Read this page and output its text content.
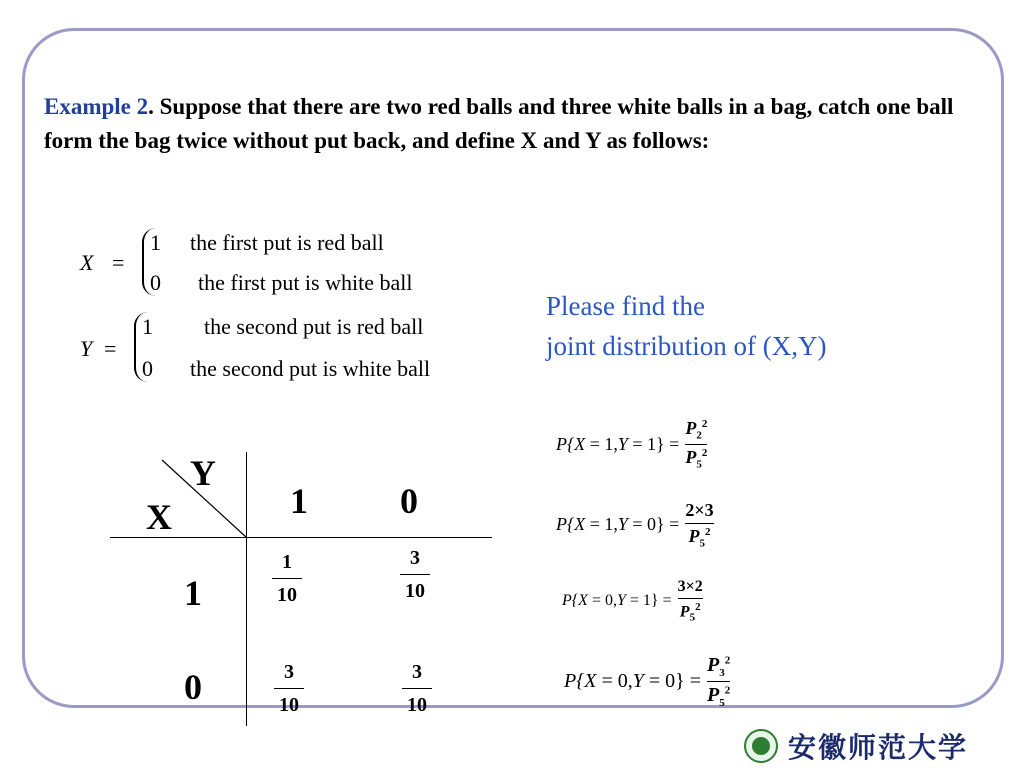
Example 2. Suppose that there are two red balls and three white balls in a bag, catch one ball form the bag twice without put back, and define X and Y as follows:
X =
1 the first put is red ball
0 the first put is white ball
Y =
1 the second put is red ball
0 the second put is white ball
Please find the
joint distribution of (X,Y)
Y
X	1	0
1
0
1
10
3
10
3
10
3
10
P{X = 1,Y = 1} =
$P_2^2$
$P_5^2$
P{X = 1,Y = 0} =
2×3
$P_5^2$
P{X = 0,Y = 1} =
3×2
$P_5^2$
P{X = 0,Y = 0} =
$P_3^2$
$P_5^2$
安徽师范大学
